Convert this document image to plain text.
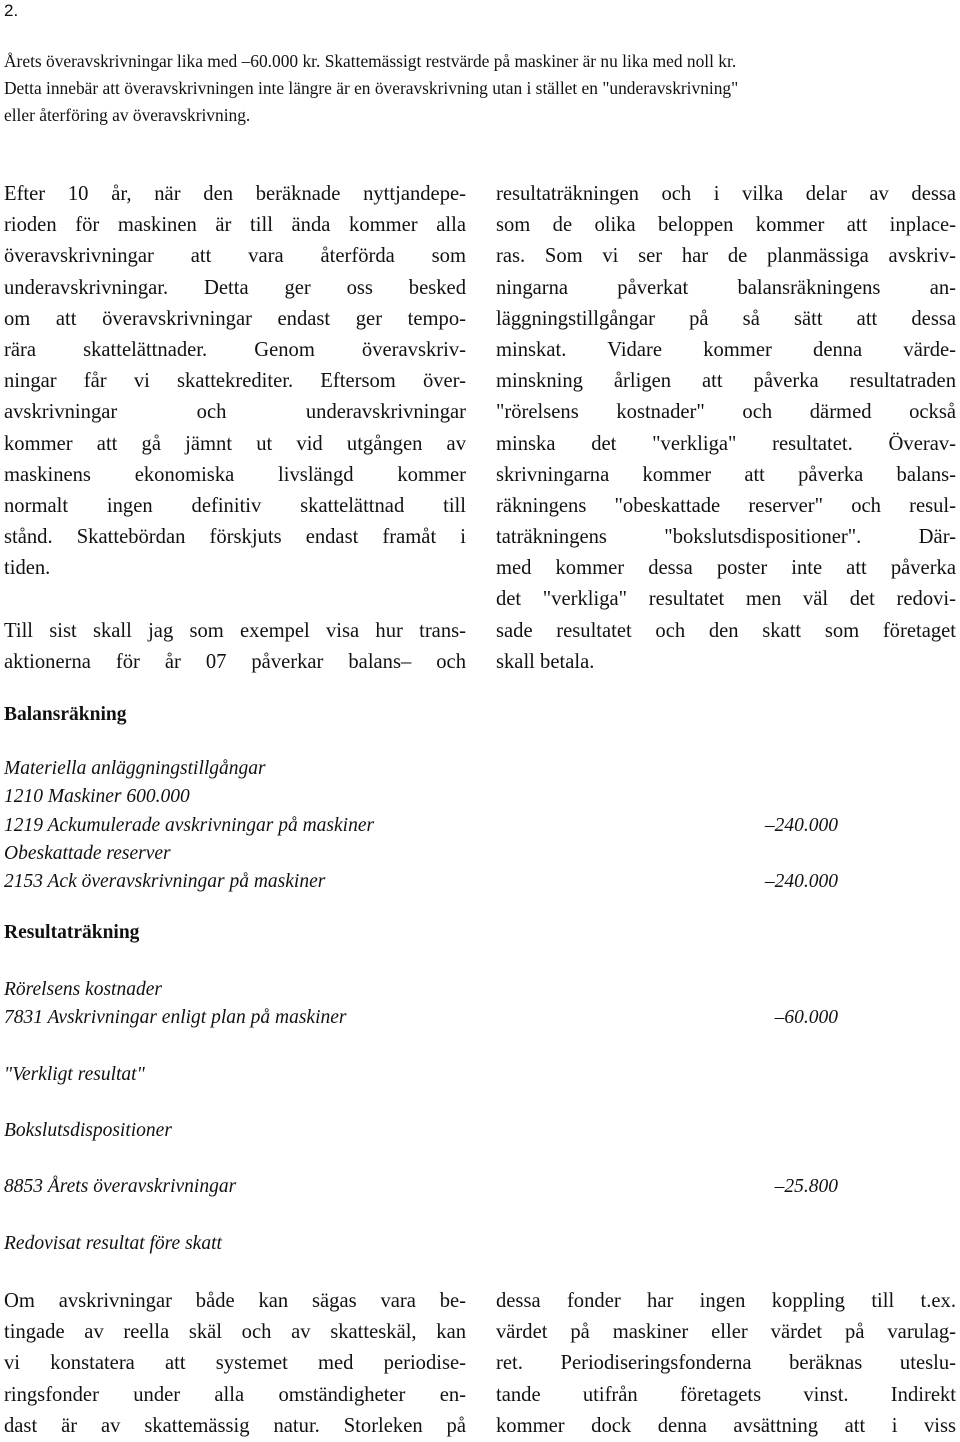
2.
Årets överavskrivningar lika med –60.000 kr. Skattemässigt restvärde på maskiner är nu lika med noll kr.
Detta innebär att överavskrivningen inte längre är en överavskrivning utan i stället en "underavskrivning"
eller återföring av överavskrivning.
Efter 10 år, när den beräknade nyttjandepe-
rioden för maskinen är till ända kommer alla
överavskrivningar att vara återförda som
underavskrivningar. Detta ger oss besked
om att överavskrivningar endast ger tempo-
rära skattelättnader. Genom överavskriv-
ningar får vi skattekrediter. Eftersom över-
avskrivningar och underavskrivningar
kommer att gå jämnt ut vid utgången av
maskinens ekonomiska livslängd kommer
normalt ingen definitiv skattelättnad till
stånd. Skattebördan förskjuts endast framåt i
tiden.
Till sist skall jag som exempel visa hur trans-
aktionerna för år 07 påverkar balans– och
resultaträkningen och i vilka delar av dessa
som de olika beloppen kommer att inplace-
ras. Som vi ser har de planmässiga avskriv-
ningarna påverkat balansräkningens an-
läggningstillgångar på så sätt att dessa
minskat. Vidare kommer denna värde-
minskning årligen att påverka resultatraden
"rörelsens kostnader" och därmed också
minska det "verkliga" resultatet. Överav-
skrivningarna kommer att påverka balans-
räkningens "obeskattade reserver" och resul-
taträkningens "bokslutsdispositioner". Där-
med kommer dessa poster inte att påverka
det "verkliga" resultatet men väl det redovi-
sade resultatet och den skatt som företaget
skall betala.
Balansräkning
Materiella anläggningstillgångar
1210 Maskiner 600.000
1219 Ackumulerade avskrivningar på maskiner	–240.000
Obeskattade reserver
2153 Ack överavskrivningar på maskiner	–240.000
Resultaträkning
Rörelsens kostnader
7831 Avskrivningar enligt plan på maskiner	–60.000
"Verkligt resultat"
Bokslutsdispositioner
8853 Årets överavskrivningar	–25.800
Redovisat resultat före skatt
Om avskrivningar både kan sägas vara be-
tingade av reella skäl och av skatteskäl, kan
vi konstatera att systemet med periodise-
ringsfonder under alla omständigheter en-
dast är av skattemässig natur. Storleken på
dessa fonder har ingen koppling till t.ex.
värdet på maskiner eller värdet på varulag-
ret. Periodiseringsfonderna beräknas uteslu-
tande utifrån företagets vinst. Indirekt
kommer dock denna avsättning att i viss
